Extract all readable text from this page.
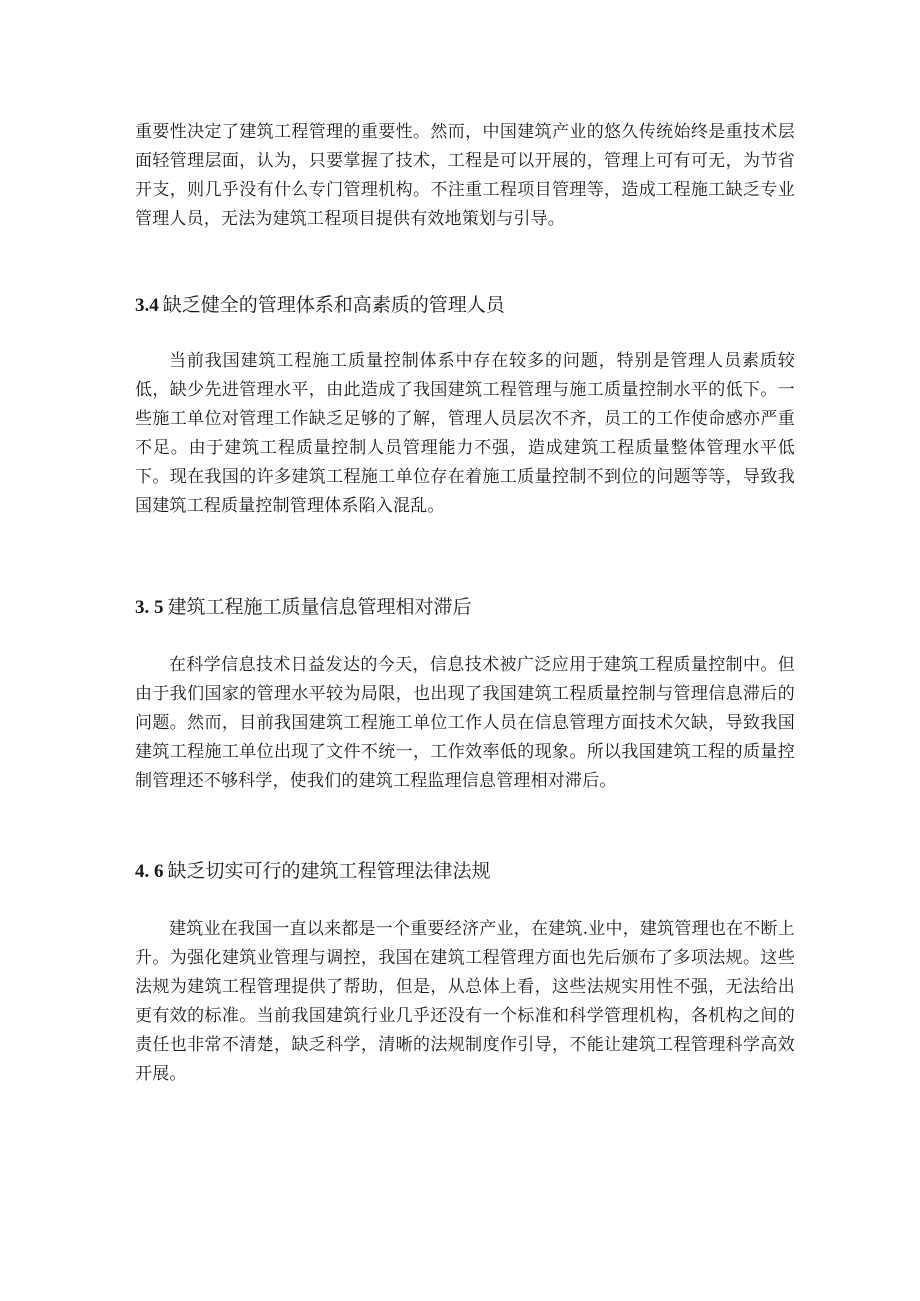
重要性决定了建筑工程管理的重要性。然而，中国建筑产业的悠久传统始终是重技术层面轻管理层面，认为，只要掌握了技术，工程是可以开展的，管理上可有可无，为节省开支，则几乎没有什么专门管理机构。不注重工程项目管理等，造成工程施工缺乏专业管理人员，无法为建筑工程项目提供有效地策划与引导。

3.4 缺乏健全的管理体系和高素质的管理人员

当前我国建筑工程施工质量控制体系中存在较多的问题，特别是管理人员素质较低，缺少先进管理水平，由此造成了我国建筑工程管理与施工质量控制水平的低下。一些施工单位对管理工作缺乏足够的了解，管理人员层次不齐，员工的工作使命感亦严重不足。由于建筑工程质量控制人员管理能力不强，造成建筑工程质量整体管理水平低下。现在我国的许多建筑工程施工单位存在着施工质量控制不到位的问题等等，导致我国建筑工程质量控制管理体系陷入混乱。

3. 5 建筑工程施工质量信息管理相对滞后

在科学信息技术日益发达的今天，信息技术被广泛应用于建筑工程质量控制中。但由于我们国家的管理水平较为局限，也出现了我国建筑工程质量控制与管理信息滞后的问题。然而，目前我国建筑工程施工单位工作人员在信息管理方面技术欠缺，导致我国建筑工程施工单位出现了文件不统一，工作效率低的现象。所以我国建筑工程的质量控制管理还不够科学，使我们的建筑工程监理信息管理相对滞后。

4. 6 缺乏切实可行的建筑工程管理法律法规

建筑业在我国一直以来都是一个重要经济产业，在建筑.业中，建筑管理也在不断上升。为强化建筑业管理与调控，我国在建筑工程管理方面也先后颁布了多项法规。这些法规为建筑工程管理提供了帮助，但是，从总体上看，这些法规实用性不强，无法给出更有效的标准。当前我国建筑行业几乎还没有一个标准和科学管理机构，各机构之间的责任也非常不清楚，缺乏科学，清晰的法规制度作引导，不能让建筑工程管理科学高效开展。
